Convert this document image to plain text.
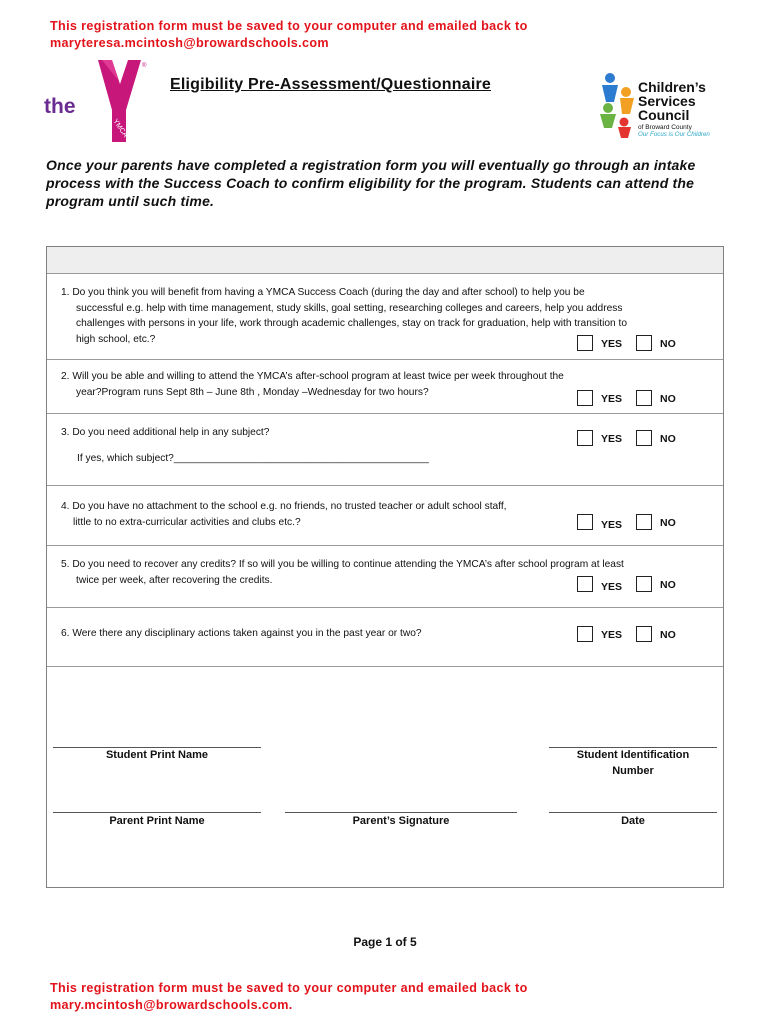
This registration form must be saved to your computer and emailed back to maryteresa.mcintosh@browardschools.com
the
YMCA
®
Children’s
Services
Council
of Broward County
Our Focus is Our Children
Eligibility Pre-Assessment/Questionnaire
Once your parents have completed a registration form you will eventually go through an intake process with the Success Coach to confirm eligibility for the program. Students can attend the program until such time.
1. Do you think you will benefit from having a YMCA Success Coach (during the day and after school) to help you be
successful e.g. help with time management, study skills, goal setting, researching colleges and careers, help you address
challenges with persons in your life, work through academic challenges, stay on track for graduation, help with transition to
high school, etc.?	YES	NO
2. Will you be able and willing to attend the YMCA’s after-school program at least twice per week throughout the
year?Program runs Sept 8th – June 8th , Monday –Wednesday for two hours?
YES	NO
3. Do you need additional help in any subject?
YES	NO
If yes, which subject?_____________________________________________
4. Do you have no attachment to the school e.g. no friends, no trusted teacher or adult school staff,
little to no extra-curricular activities and clubs etc.?	YES	NO
5. Do you need to recover any credits? If so will you be willing to continue attending the YMCA’s after school program at least
twice per week, after recovering the credits.
YES	NO
6. Were there any disciplinary actions taken against you in the past year or two?	YES	NO
Student Print Name	Student Identification
Number
Parent Print Name	Parent’s Signature	Date
Page 1 of 5
This registration form must be saved to your computer and emailed back to mary.mcintosh@browardschools.com.
